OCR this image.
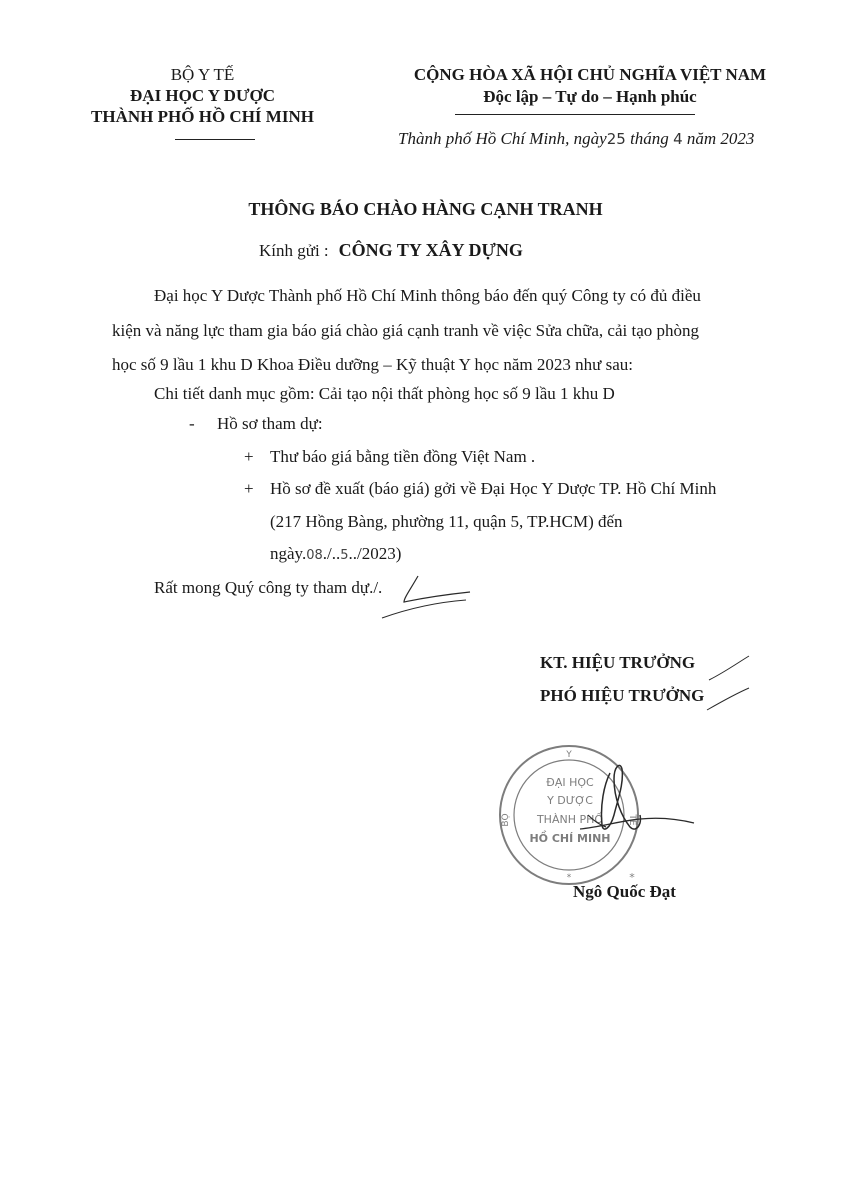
BỘ Y TẾ
ĐẠI HỌC Y DƯỢC
THÀNH PHỐ HỒ CHÍ MINH
CỘNG HÒA XÃ HỘI CHỦ NGHĨA VIỆT NAM
Độc lập – Tự do – Hạnh phúc
Thành phố Hồ Chí Minh, ngày25 tháng 4 năm 2023
THÔNG BÁO CHÀO HÀNG CẠNH TRANH
Kính gửi : CÔNG TY XÂY DỰNG
Đại học Y Dược Thành phố Hồ Chí Minh thông báo đến quý Công ty có đủ điều
kiện và năng lực tham gia báo giá chào giá cạnh tranh về việc Sửa chữa, cải tạo phòng
học số 9 lầu 1 khu D Khoa Điều dưỡng – Kỹ thuật Y học năm 2023 như sau:
Chi tiết danh mục gồm: Cải tạo nội thất phòng học số 9 lầu 1 khu D
- Hồ sơ tham dự:
+ Thư báo giá bằng tiền đồng Việt Nam .
+ Hồ sơ đề xuất (báo giá) gởi về Đại Học Y Dược TP. Hồ Chí Minh
(217 Hồng Bàng, phường 11, quận 5, TP.HCM) đến
ngày.08./..5../2023)
Rất mong Quý công ty tham dự./.
KT. HIỆU TRƯỞNG
PHÓ HIỆU TRƯỞNG
Y
BỘ	TẾ
*
ĐẠI HỌC
Y DƯỢC
THÀNH PHỐ
HỒ CHÍ MINH
*
Ngô Quốc Đạt
